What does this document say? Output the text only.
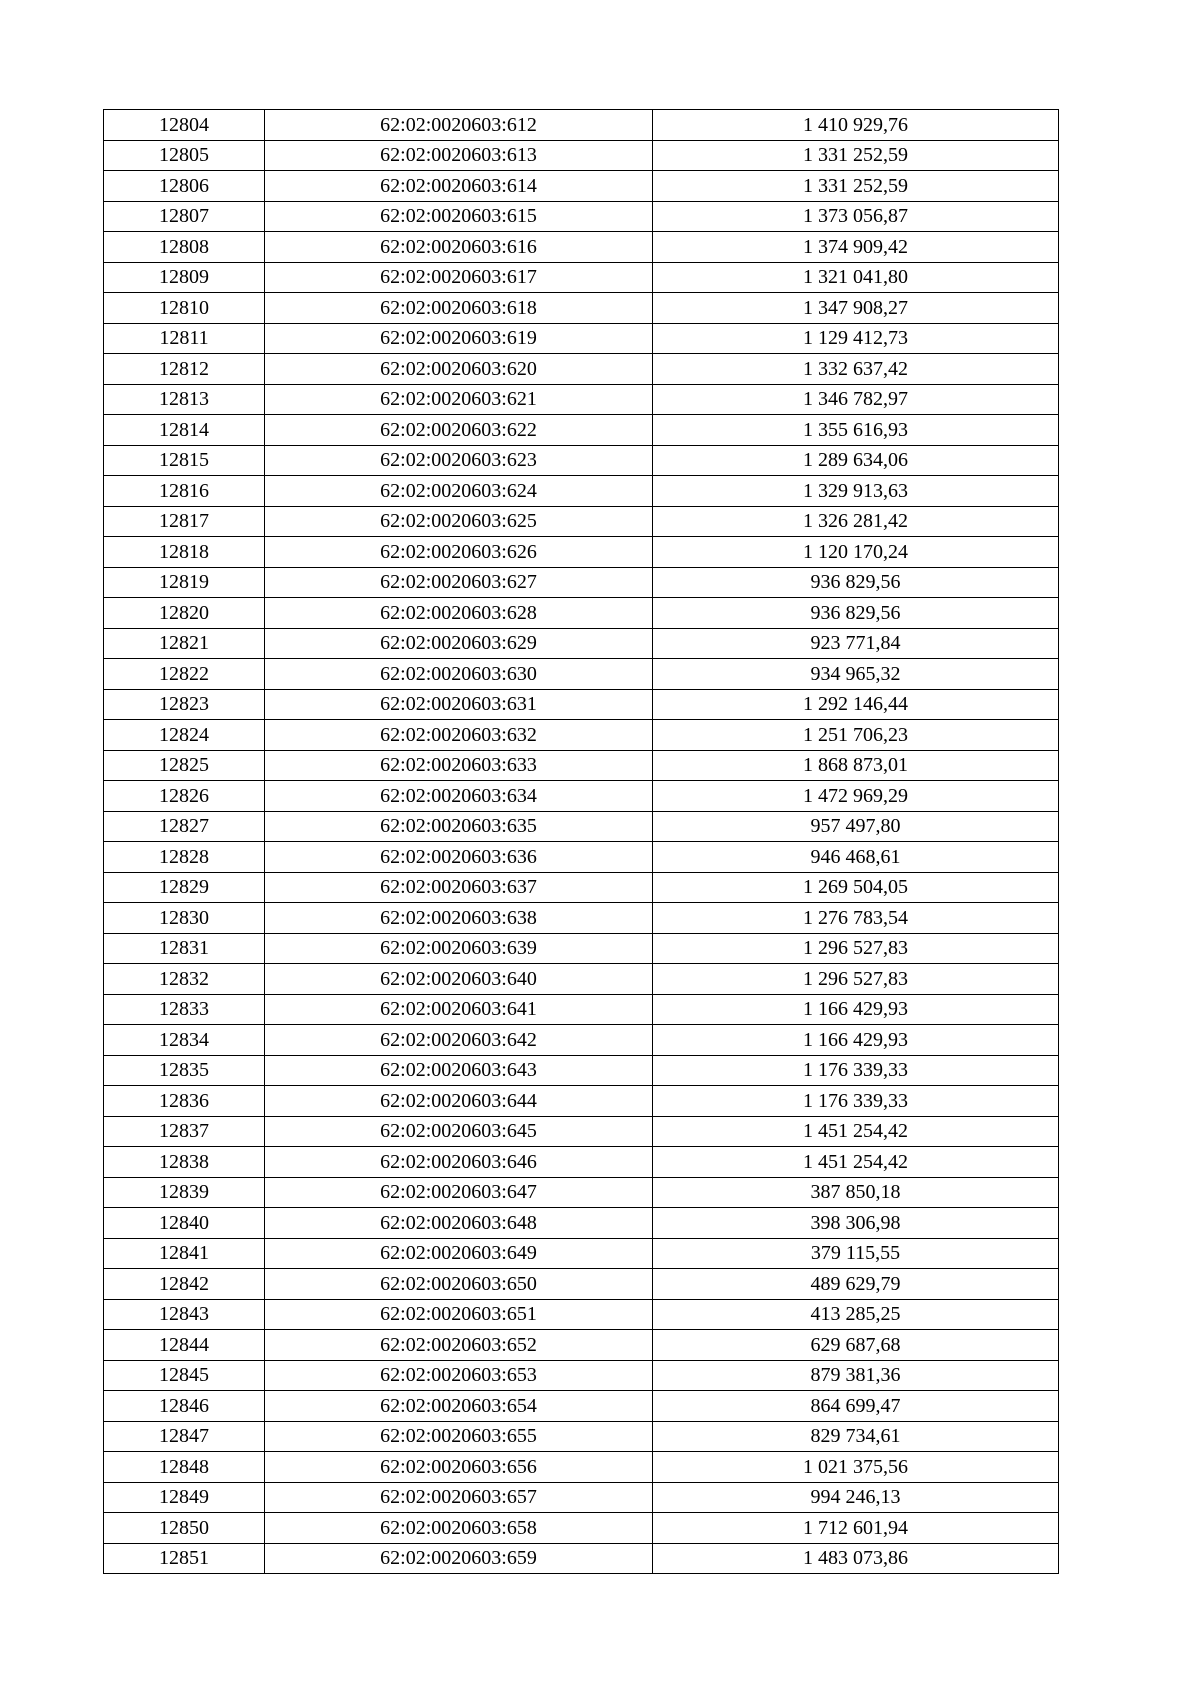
12804	62:02:0020603:612	1 410 929,76
12805	62:02:0020603:613	1 331 252,59
12806	62:02:0020603:614	1 331 252,59
12807	62:02:0020603:615	1 373 056,87
12808	62:02:0020603:616	1 374 909,42
12809	62:02:0020603:617	1 321 041,80
12810	62:02:0020603:618	1 347 908,27
12811	62:02:0020603:619	1 129 412,73
12812	62:02:0020603:620	1 332 637,42
12813	62:02:0020603:621	1 346 782,97
12814	62:02:0020603:622	1 355 616,93
12815	62:02:0020603:623	1 289 634,06
12816	62:02:0020603:624	1 329 913,63
12817	62:02:0020603:625	1 326 281,42
12818	62:02:0020603:626	1 120 170,24
12819	62:02:0020603:627	936 829,56
12820	62:02:0020603:628	936 829,56
12821	62:02:0020603:629	923 771,84
12822	62:02:0020603:630	934 965,32
12823	62:02:0020603:631	1 292 146,44
12824	62:02:0020603:632	1 251 706,23
12825	62:02:0020603:633	1 868 873,01
12826	62:02:0020603:634	1 472 969,29
12827	62:02:0020603:635	957 497,80
12828	62:02:0020603:636	946 468,61
12829	62:02:0020603:637	1 269 504,05
12830	62:02:0020603:638	1 276 783,54
12831	62:02:0020603:639	1 296 527,83
12832	62:02:0020603:640	1 296 527,83
12833	62:02:0020603:641	1 166 429,93
12834	62:02:0020603:642	1 166 429,93
12835	62:02:0020603:643	1 176 339,33
12836	62:02:0020603:644	1 176 339,33
12837	62:02:0020603:645	1 451 254,42
12838	62:02:0020603:646	1 451 254,42
12839	62:02:0020603:647	387 850,18
12840	62:02:0020603:648	398 306,98
12841	62:02:0020603:649	379 115,55
12842	62:02:0020603:650	489 629,79
12843	62:02:0020603:651	413 285,25
12844	62:02:0020603:652	629 687,68
12845	62:02:0020603:653	879 381,36
12846	62:02:0020603:654	864 699,47
12847	62:02:0020603:655	829 734,61
12848	62:02:0020603:656	1 021 375,56
12849	62:02:0020603:657	994 246,13
12850	62:02:0020603:658	1 712 601,94
12851	62:02:0020603:659	1 483 073,86
